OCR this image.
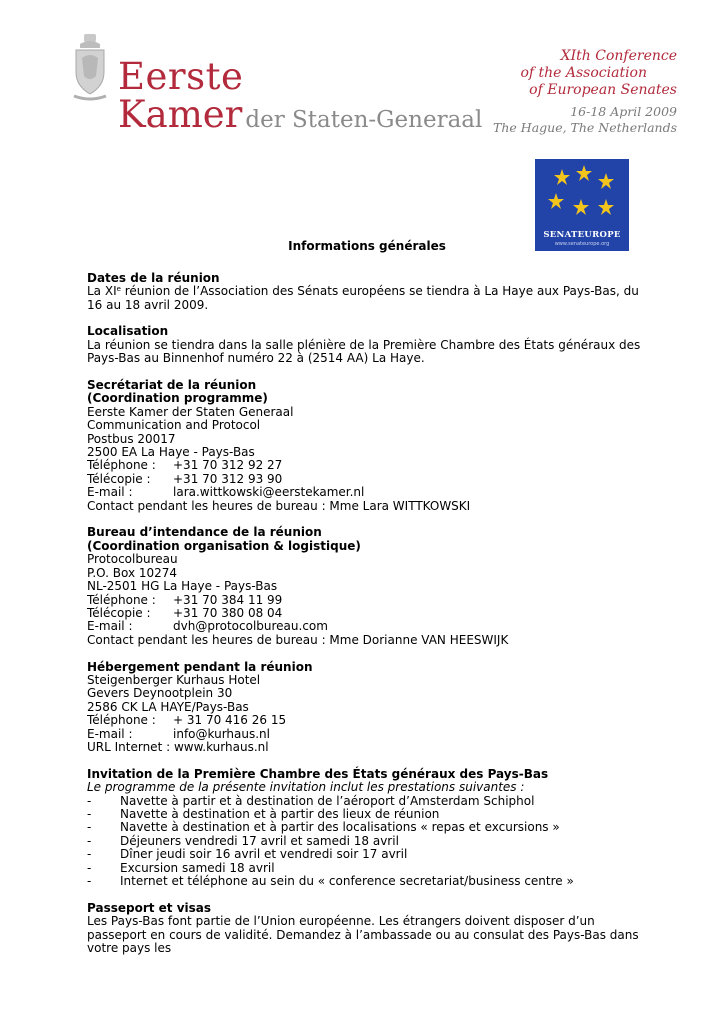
Eerste
Kamer der Staten-Generaal
XIth Conference
of the Association
of European Senates
16-18 April 2009
The Hague, The Netherlands
SENATEUROPE
www.senateurope.org

Informations générales

Dates de la réunion

La XIe réunion de l’Association des Sénats européens se tiendra à La Haye aux Pays-Bas, du 16 au 18 avril 2009.

Localisation

La réunion se tiendra dans la salle plénière de la Première Chambre des États généraux des Pays-Bas au Binnenhof numéro 22 à (2514 AA) La Haye.

Secrétariat de la réunion

(Coordination programme)

Eerste Kamer der Staten Generaal

Communication and Protocol

Postbus 20017

2500 EA La Haye - Pays-Bas

Téléphone :	+31 70 312 92 27
Télécopie :	+31 70 312 93 90
E-mail :	lara.wittkowski@eerstekamer.nl

Contact pendant les heures de bureau : Mme Lara WITTKOWSKI

Bureau d’intendance de la réunion

(Coordination organisation & logistique)

Protocolbureau

P.O. Box 10274

NL-2501 HG La Haye - Pays-Bas

Téléphone :	+31 70 384 11 99
Télécopie :	+31 70 380 08 04
E-mail :	dvh@protocolbureau.com

Contact pendant les heures de bureau : Mme Dorianne VAN HEESWIJK

Hébergement pendant la réunion

Steigenberger Kurhaus Hotel

Gevers Deynootplein 30

2586 CK LA HAYE/Pays-Bas

Téléphone :	+ 31 70 416 26 15
E-mail :	info@kurhaus.nl

URL Internet : www.kurhaus.nl

Invitation de la Première Chambre des États généraux des Pays-Bas

Le programme de la présente invitation inclut les prestations suivantes :

-	Navette à partir et à destination de l’aéroport d’Amsterdam Schiphol
-	Navette à destination et à partir des lieux de réunion
-	Navette à destination et à partir des localisations « repas et excursions »
-	Déjeuners vendredi 17 avril et samedi 18 avril
-	Dîner jeudi soir 16 avril et vendredi soir 17 avril
-	Excursion samedi 18 avril
-	Internet et téléphone au sein du « conference secretariat/business centre »

Passeport et visas

Les Pays-Bas font partie de l’Union européenne. Les étrangers doivent disposer d’un passeport en cours de validité. Demandez à l’ambassade ou au consulat des Pays-Bas dans votre pays les
